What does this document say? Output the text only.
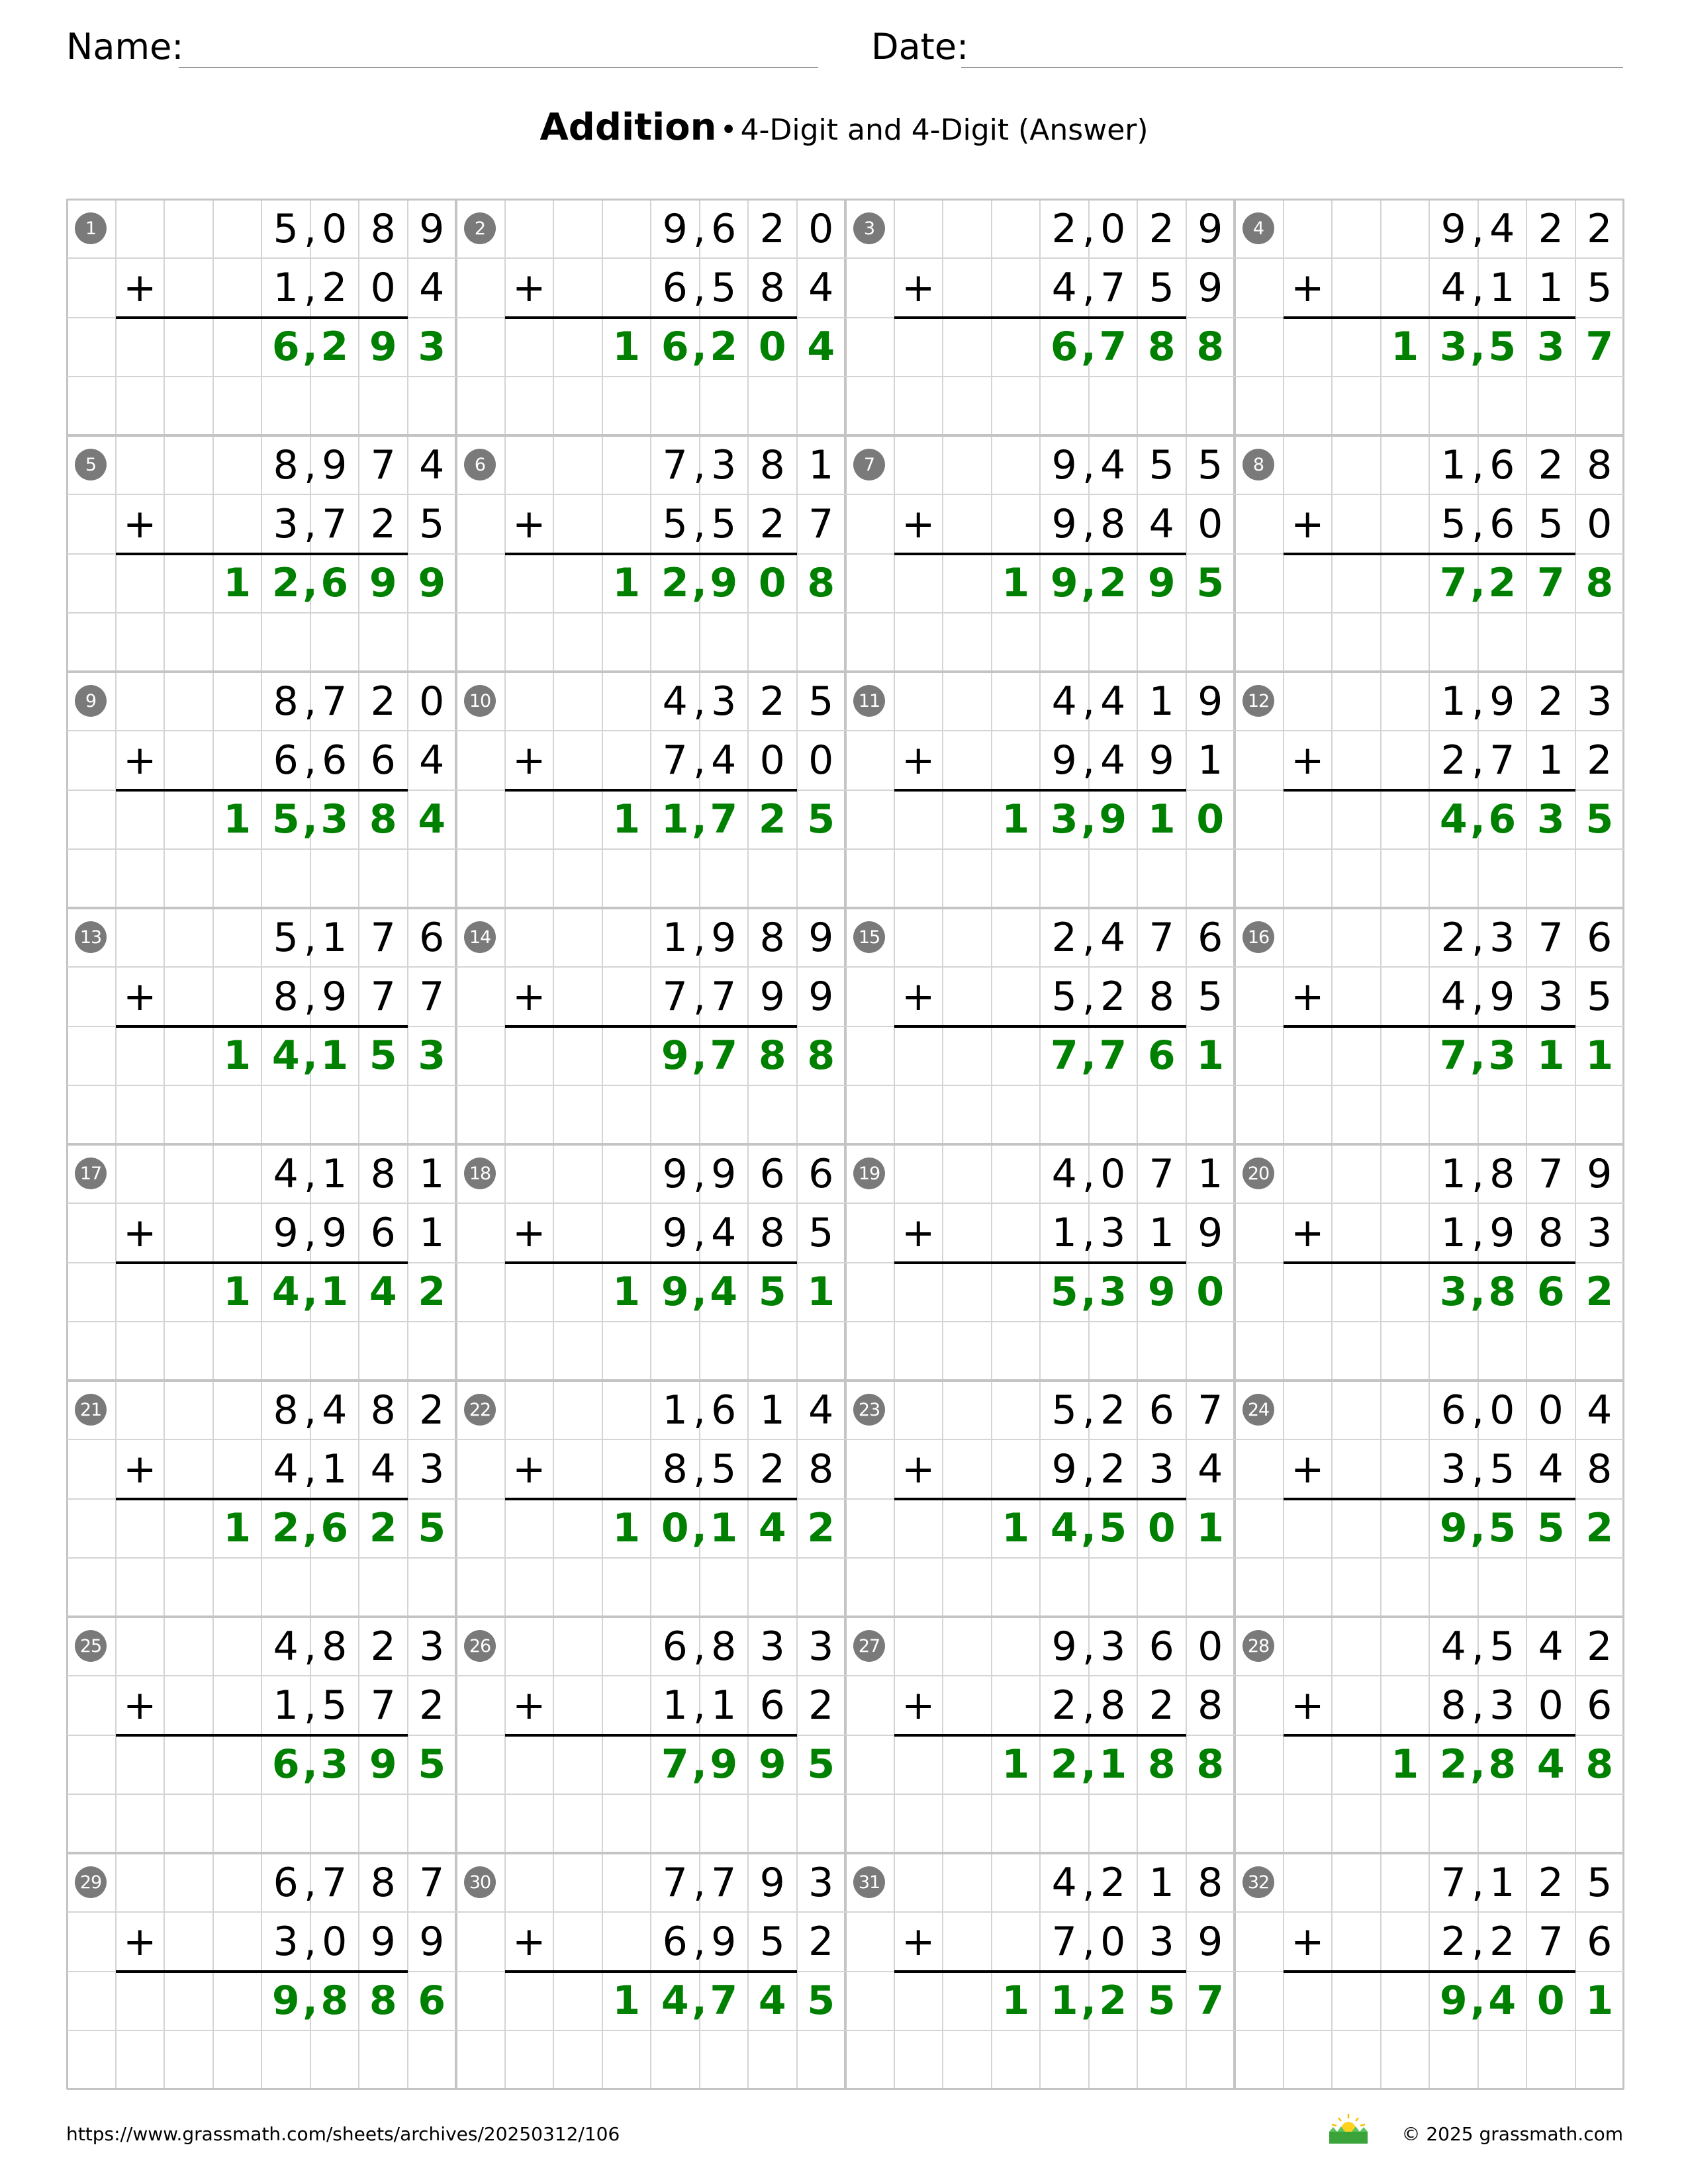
Name:	Date:
Addition • 4-Digit and 4-Digit (Answer)
1	5 0 8 9
,
+	1 2 0 4
,
6 2 9 3
,
2	9 6 2 0
,
+	6 5 8 4
,
1 6 2 0 4
,
3	2 0 2 9
,
+	4 7 5 9
,
6 7 8 8
,
4	9 4 2 2
,
+	4 1 1 5
,
1 3 5 3 7
,
5	8 9 7 4
,
+	3 7 2 5
,
1 2 6 9 9
,
6	7 3 8 1
,
+	5 5 2 7
,
1 2 9 0 8
,
7	9 4 5 5
,
+	9 8 4 0
,
1 9 2 9 5
,
8	1 6 2 8
,
+	5 6 5 0
,
7 2 7 8
,
9	8 7 2 0
,
+	6 6 6 4
,
1 5 3 8 4
,
10	4 3 2 5
,
+	7 4 0 0
,
1 1 7 2 5
,
11	4 4 1 9
,
+	9 4 9 1
,
1 3 9 1 0
,
12	1 9 2 3
,
+	2 7 1 2
,
4 6 3 5
,
13	5 1 7 6
,
+	8 9 7 7
,
1 4 1 5 3
,
14	1 9 8 9
,
+	7 7 9 9
,
9 7 8 8
,
15	2 4 7 6
,
+	5 2 8 5
,
7 7 6 1
,
16	2 3 7 6
,
+	4 9 3 5
,
7 3 1 1
,
17	4 1 8 1
,
+	9 9 6 1
,
1 4 1 4 2
,
18	9 9 6 6
,
+	9 4 8 5
,
1 9 4 5 1
,
19	4 0 7 1
,
+	1 3 1 9
,
5 3 9 0
,
20	1 8 7 9
,
+	1 9 8 3
,
3 8 6 2
,
21	8 4 8 2
,
+	4 1 4 3
,
1 2 6 2 5
,
22	1 6 1 4
,
+	8 5 2 8
,
1 0 1 4 2
,
23	5 2 6 7
,
+	9 2 3 4
,
1 4 5 0 1
,
24	6 0 0 4
,
+	3 5 4 8
,
9 5 5 2
,
25	4 8 2 3
,
+	1 5 7 2
,
6 3 9 5
,
26	6 8 3 3
,
+	1 1 6 2
,
7 9 9 5
,
27	9 3 6 0
,
+	2 8 2 8
,
1 2 1 8 8
,
28	4 5 4 2
,
+	8 3 0 6
,
1 2 8 4 8
,
29	6 7 8 7
,
+	3 0 9 9
,
9 8 8 6
,
30	7 7 9 3
,
+	6 9 5 2
,
1 4 7 4 5
,
31	4 2 1 8
,
+	7 0 3 9
,
1 1 2 5 7
,
32	7 1 2 5
,
+	2 2 7 6
,
9 4 0 1
,
https://www.grassmath.com/sheets/archives/20250312/106	© 2025 grassmath.com
